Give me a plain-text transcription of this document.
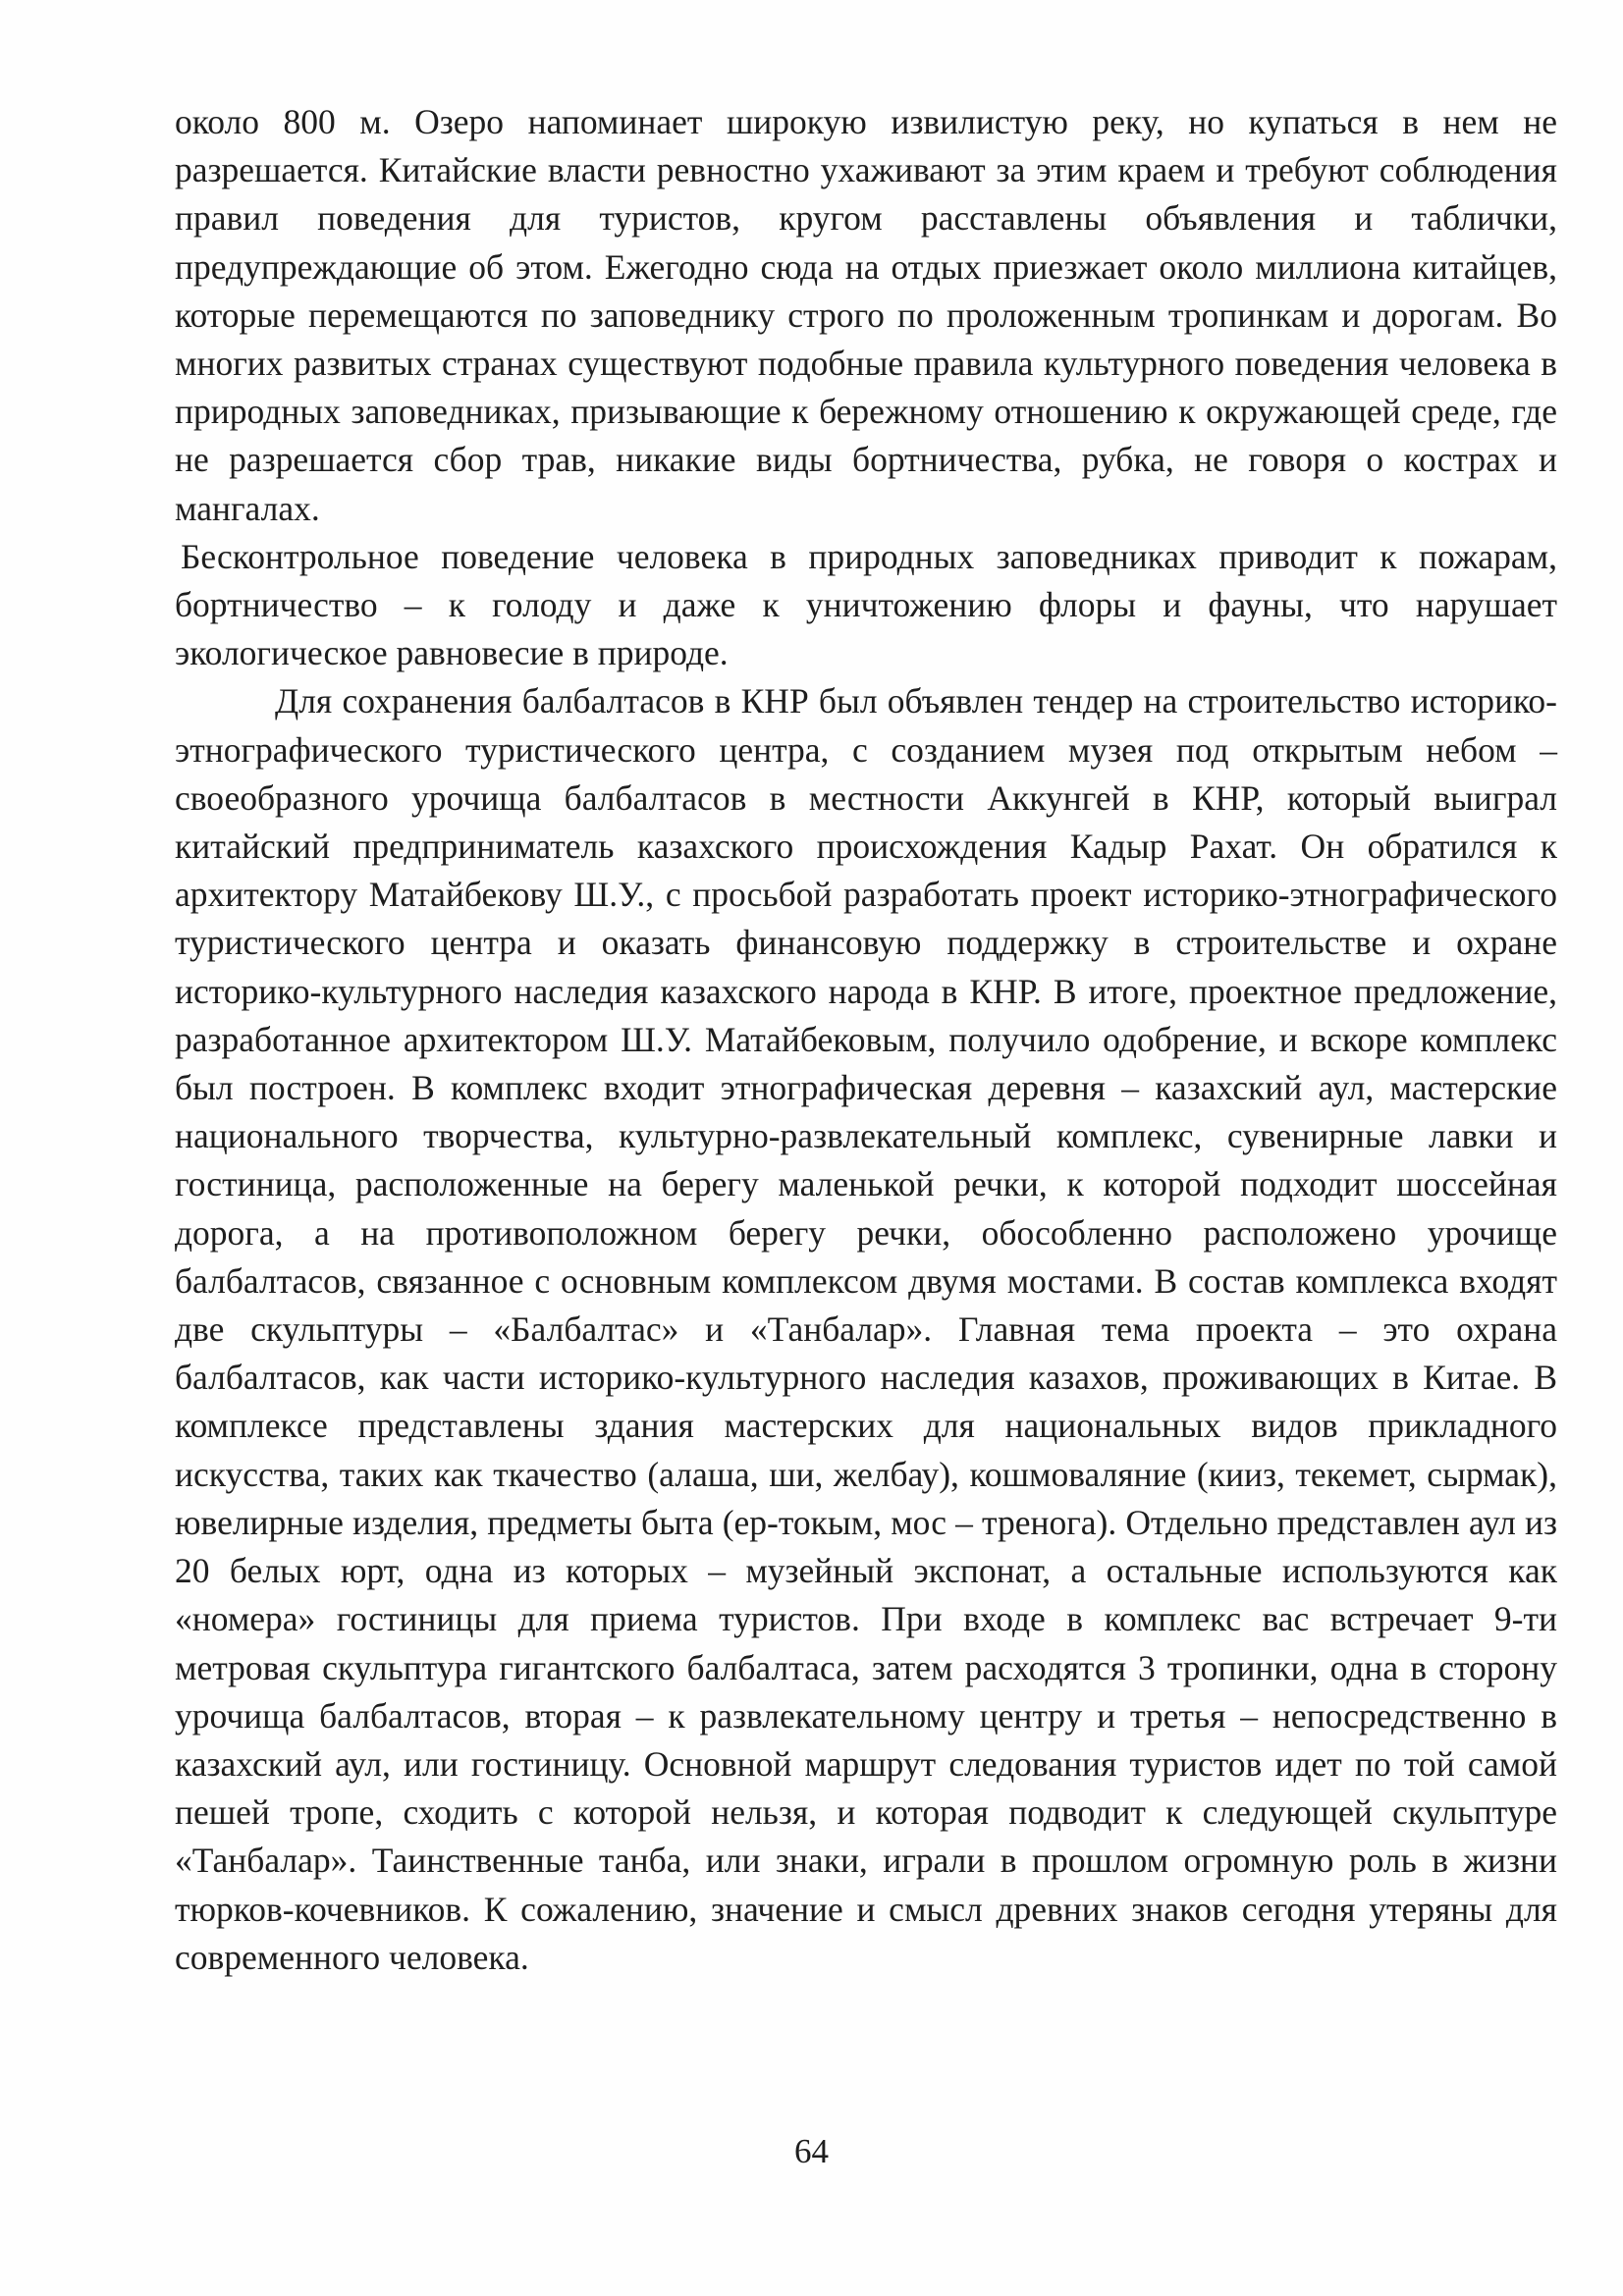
около 800 м. Озеро напоминает широкую извилистую реку, но купаться в нем не разрешается. Китайские власти ревностно ухаживают за этим краем и требуют соблюдения правил поведения для туристов, кругом расставлены объявления и таблички, предупреждающие об этом. Ежегодно сюда на отдых приезжает около миллиона китайцев, которые перемещаются по заповеднику строго по проложенным тропинкам и дорогам. Во многих развитых странах существуют подобные правила культурного поведения человека в природных заповедниках, призывающие к бережному отношению к окружающей среде, где не разрешается сбор трав, никакие виды бортничества, рубка, не говоря о кострах и мангалах.

Бесконтрольное поведение человека в природных заповедниках приводит к пожарам, бортничество – к голоду и даже к уничтожению флоры и фауны, что нарушает экологическое равновесие в природе.

Для сохранения балбалтасов в КНР был объявлен тендер на строительство историко-этнографического туристического центра, с созданием музея под открытым небом – своеобразного урочища балбалтасов в местности Аккунгей в КНР, который выиграл китайский предприниматель казахского происхождения Кадыр Рахат. Он обратился к архитектору Матайбекову Ш.У., с просьбой разработать проект историко-этнографического туристического центра и оказать финансовую поддержку в строительстве и охране историко-культурного наследия казахского народа в КНР. В итоге, проектное предложение, разработанное архитектором Ш.У. Матайбековым, получило одобрение, и вскоре комплекс был построен. В комплекс входит этнографическая деревня – казахский аул, мастерские национального творчества, культурно-развлекательный комплекс, сувенирные лавки и гостиница, расположенные на берегу маленькой речки, к которой подходит шоссейная дорога, а на противоположном берегу речки, обособленно расположено урочище балбалтасов, связанное с основным комплексом двумя мостами. В состав комплекса входят две скульптуры – «Балбалтас» и «Танбалар». Главная тема проекта – это охрана балбалтасов, как части историко-культурного наследия казахов, проживающих в Китае. В комплексе представлены здания мастерских для национальных видов прикладного искусства, таких как ткачество (алаша, ши, желбау), кошмоваляние (кииз, текемет, сырмак), ювелирные изделия, предметы быта (ер-токым, мос – тренога). Отдельно представлен аул из 20 белых юрт, одна из которых – музейный экспонат, а остальные используются как «номера» гостиницы для приема туристов. При входе в комплекс вас встречает 9-ти метровая скульптура гигантского балбалтаса, затем расходятся 3 тропинки, одна в сторону урочища балбалтасов, вторая – к развлекательному центру и третья – непосредственно в казахский аул, или гостиницу. Основной маршрут следования туристов идет по той самой пешей тропе, сходить с которой нельзя, и которая подводит к следующей скульптуре «Танбалар». Таинственные танба, или знаки, играли в прошлом огромную роль в жизни тюрков-кочевников. К сожалению, значение и смысл древних знаков сегодня утеряны для современного человека.

64
